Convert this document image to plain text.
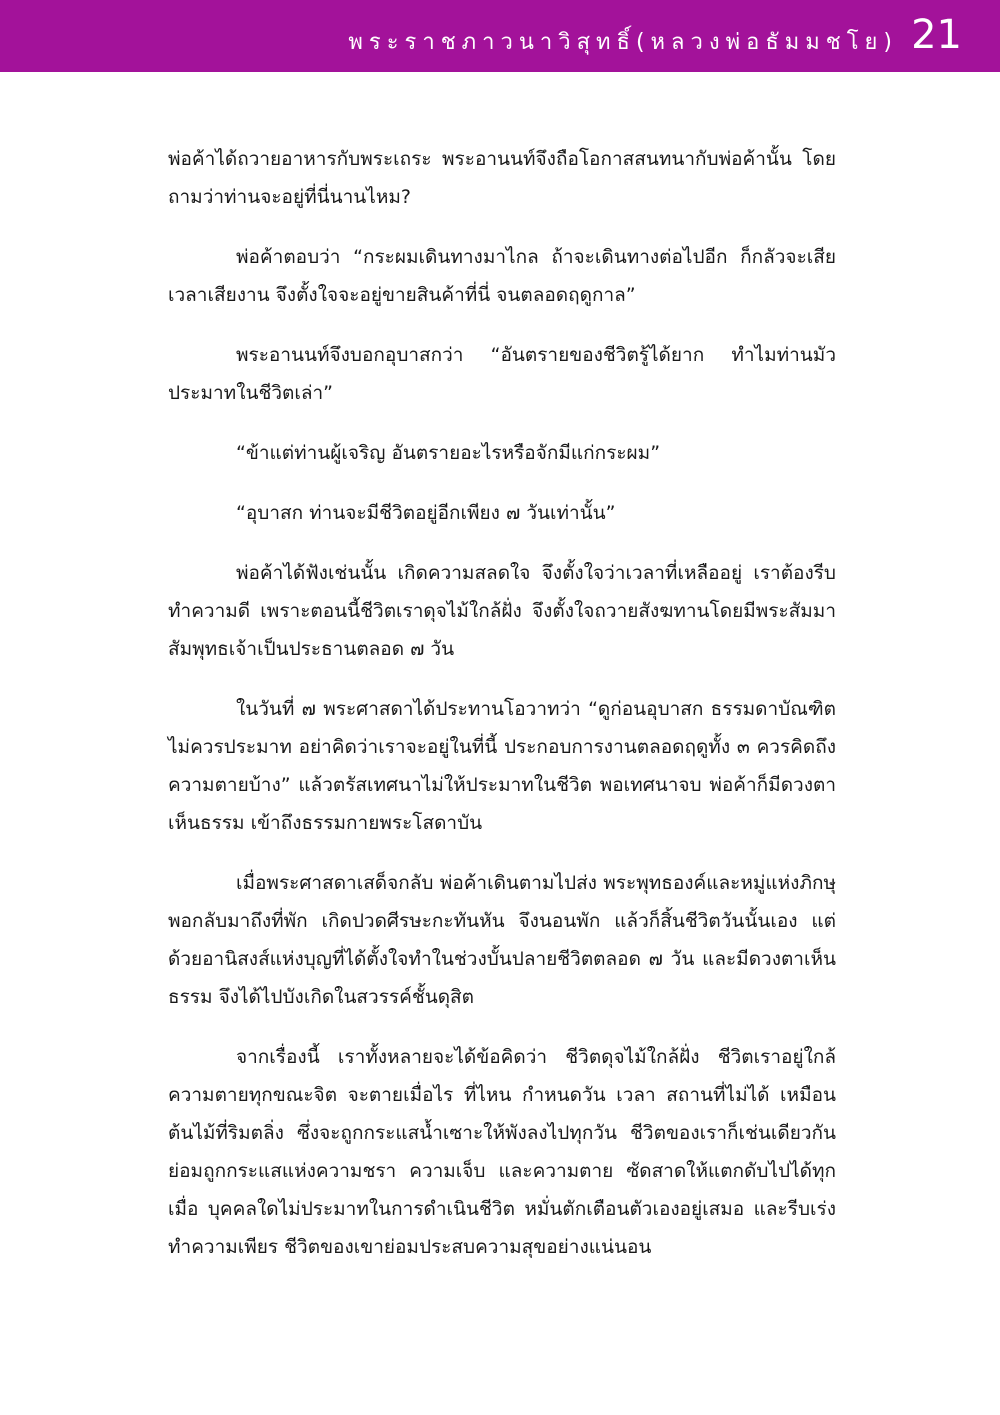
พระราชภาวนาวิสุทธิ์(หลวงพ่อธัมมชโย) 21

พ่อค้าได้ถวายอาหารกับพระเถระ พระอานนท์จึงถือโอกาสสนทนากับพ่อค้านั้น โดยถามว่าท่านจะอยู่ที่นี่นานไหม?

พ่อค้าตอบว่า “กระผมเดินทางมาไกล ถ้าจะเดินทางต่อไปอีก ก็กลัวจะเสียเวลาเสียงาน จึงตั้งใจจะอยู่ขายสินค้าที่นี่ จนตลอดฤดูกาล”

พระอานนท์จึงบอกอุบาสกว่า “อันตรายของชีวิตรู้ได้ยาก ทำไมท่านมัวประมาทในชีวิตเล่า”

“ข้าแต่ท่านผู้เจริญ อันตรายอะไรหรือจักมีแก่กระผม”

“อุบาสก ท่านจะมีชีวิตอยู่อีกเพียง ๗ วันเท่านั้น”

พ่อค้าได้ฟังเช่นนั้น เกิดความสลดใจ จึงตั้งใจว่าเวลาที่เหลืออยู่ เราต้องรีบทำความดี เพราะตอนนี้ชีวิตเราดุจไม้ใกล้ฝั่ง จึงตั้งใจถวายสังฆทานโดยมีพระสัมมาสัมพุทธเจ้าเป็นประธานตลอด ๗ วัน

ในวันที่ ๗ พระศาสดาได้ประทานโอวาทว่า “ดูก่อนอุบาสก ธรรมดาบัณฑิตไม่ควรประมาท อย่าคิดว่าเราจะอยู่ในที่นี้ ประกอบการงานตลอดฤดูทั้ง ๓ ควรคิดถึงความตายบ้าง” แล้วตรัสเทศนาไม่ให้ประมาทในชีวิต พอเทศนาจบ พ่อค้าก็มีดวงตาเห็นธรรม เข้าถึงธรรมกายพระโสดาบัน

เมื่อพระศาสดาเสด็จกลับ พ่อค้าเดินตามไปส่ง พระพุทธองค์และหมู่แห่งภิกษุ พอกลับมาถึงที่พัก เกิดปวดศีรษะกะทันหัน จึงนอนพัก แล้วก็สิ้นชีวิตวันนั้นเอง แต่ด้วยอานิสงส์แห่งบุญที่ได้ตั้งใจทำในช่วงบั้นปลายชีวิตตลอด ๗ วัน และมีดวงตาเห็นธรรม จึงได้ไปบังเกิดในสวรรค์ชั้นดุสิต

จากเรื่องนี้ เราทั้งหลายจะได้ข้อคิดว่า ชีวิตดุจไม้ใกล้ฝั่ง ชีวิตเราอยู่ใกล้ความตายทุกขณะจิต จะตายเมื่อไร ที่ไหน กำหนดวัน เวลา สถานที่ไม่ได้ เหมือนต้นไม้ที่ริมตลิ่ง ซึ่งจะถูกกระแสน้ำเซาะให้พังลงไปทุกวัน ชีวิตของเราก็เช่นเดียวกัน ย่อมถูกกระแสแห่งความชรา ความเจ็บ และความตาย ซัดสาดให้แตกดับไปได้ทุกเมื่อ บุคคลใดไม่ประมาทในการดำเนินชีวิต หมั่นตักเตือนตัวเองอยู่เสมอ และรีบเร่งทำความเพียร ชีวิตของเขาย่อมประสบความสุขอย่างแน่นอน
